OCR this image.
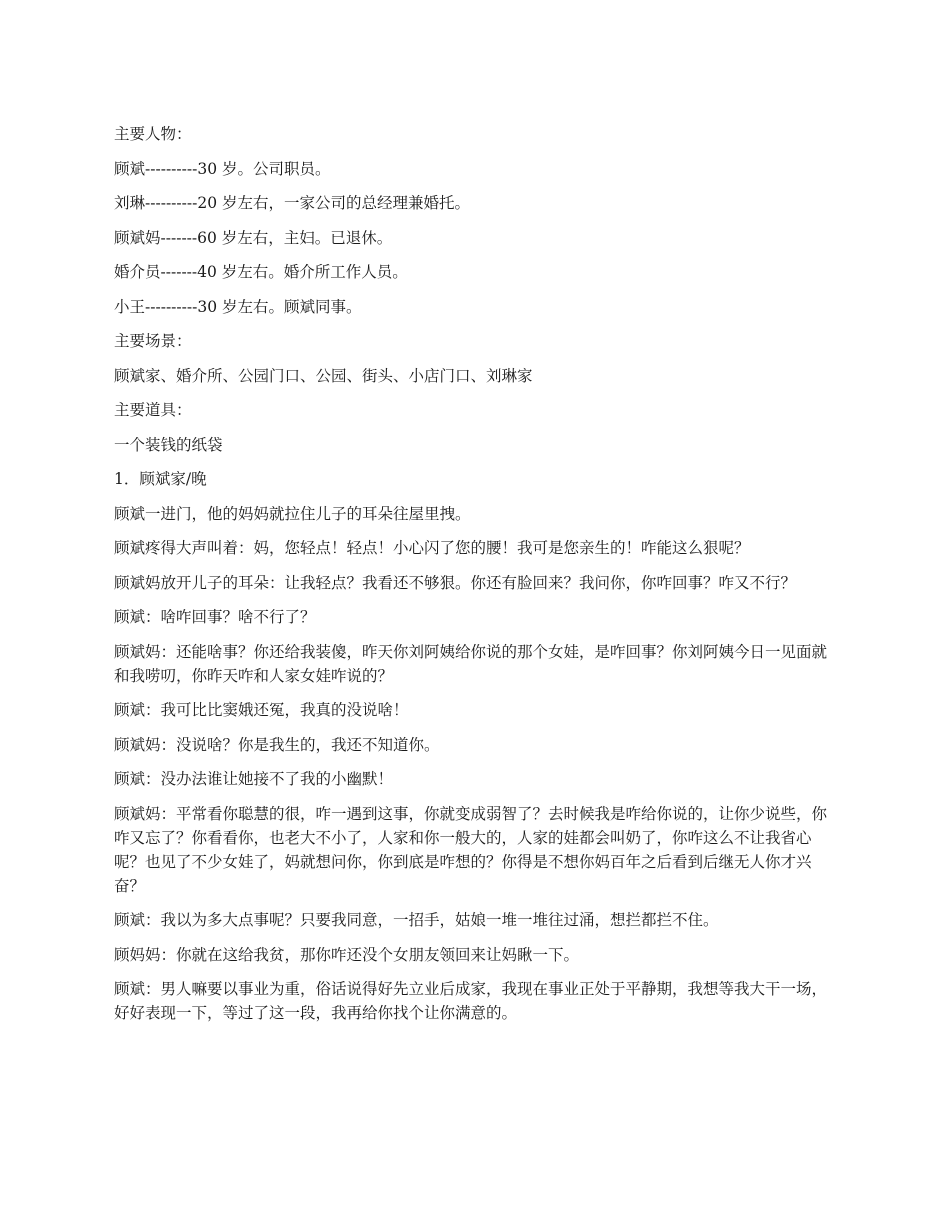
主要人物：

顾斌----------30 岁。公司职员。

刘琳----------20 岁左右，一家公司的总经理兼婚托。

顾斌妈-------60 岁左右，主妇。已退休。

婚介员-------40 岁左右。婚介所工作人员。

小王----------30 岁左右。顾斌同事。

主要场景：

顾斌家、婚介所、公园门口、公园、街头、小店门口、刘琳家

主要道具：

一个装钱的纸袋

1．顾斌家/晚

顾斌一进门，他的妈妈就拉住儿子的耳朵往屋里拽。

顾斌疼得大声叫着：妈，您轻点！轻点！小心闪了您的腰！我可是您亲生的！咋能这么狠呢？

顾斌妈放开儿子的耳朵：让我轻点？我看还不够狠。你还有脸回来？我问你，你咋回事？咋又不行？

顾斌：啥咋回事？啥不行了？

顾斌妈：还能啥事？你还给我装傻，昨天你刘阿姨给你说的那个女娃，是咋回事？你刘阿姨今日一见面就和我唠叨，你昨天咋和人家女娃咋说的？

顾斌：我可比比窦娥还冤，我真的没说啥！

顾斌妈：没说啥？你是我生的，我还不知道你。

顾斌：没办法谁让她接不了我的小幽默！

顾斌妈：平常看你聪慧的很，咋一遇到这事，你就变成弱智了？去时候我是咋给你说的，让你少说些，你咋又忘了？你看看你，也老大不小了，人家和你一般大的，人家的娃都会叫奶了，你咋这么不让我省心呢？也见了不少女娃了，妈就想问你，你到底是咋想的？你得是不想你妈百年之后看到后继无人你才兴奋？

顾斌：我以为多大点事呢？只要我同意，一招手，姑娘一堆一堆往过涌，想拦都拦不住。

顾妈妈：你就在这给我贫，那你咋还没个女朋友领回来让妈瞅一下。

顾斌：男人嘛要以事业为重，俗话说得好先立业后成家，我现在事业正处于平静期，我想等我大干一场，好好表现一下，等过了这一段，我再给你找个让你满意的。
